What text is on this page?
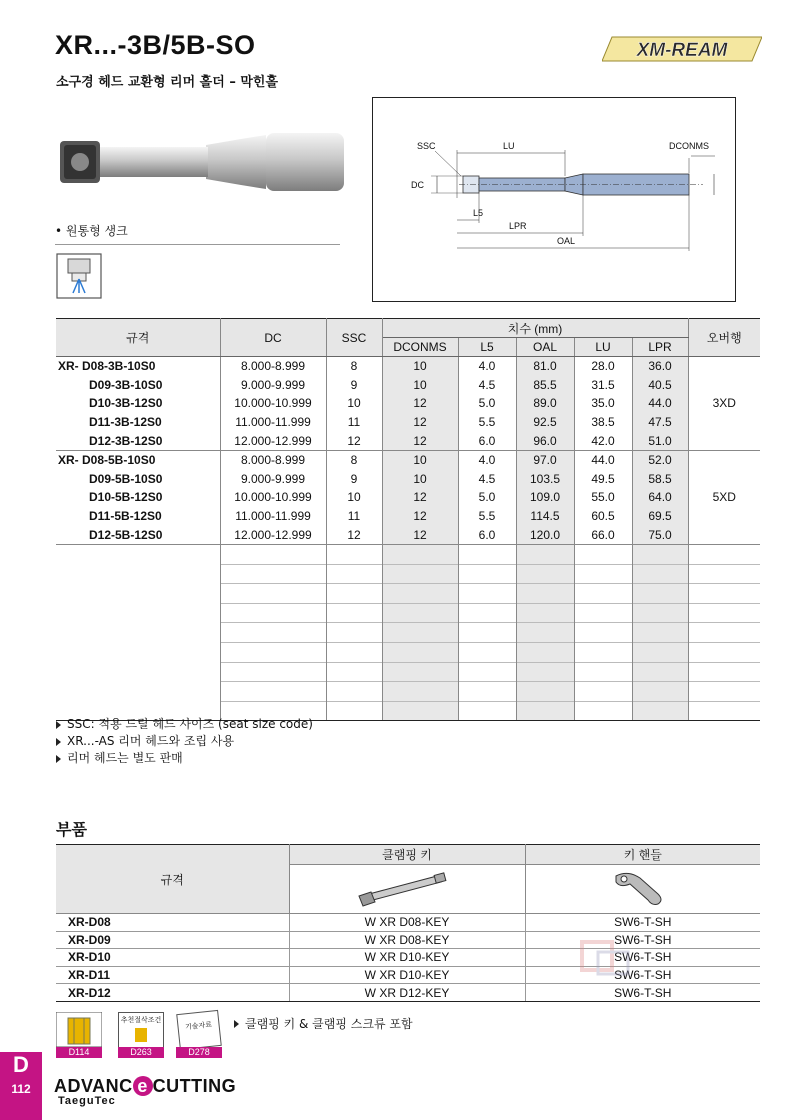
XR...-3B/5B-SO
소구경 헤드 교환형 리머 홀더 – 막힌홀
XM-REAM
• 원통형 생크
LU	DCONMS
SSC
DC
L5
LPR
OAL
규격	DC	SSC	치수 (mm)					오버행
			DCONMS	L5	OAL	LU	LPR	
XR- D08-3B-10S0	8.000-8.999	8	10	4.0	81.0	28.0	36.0	3XD
D09-3B-10S0	9.000-9.999	9	10	4.5	85.5	31.5	40.5	
D10-3B-12S0	10.000-10.999	10	12	5.0	89.0	35.0	44.0	
D11-3B-12S0	11.000-11.999	11	12	5.5	92.5	38.5	47.5	
D12-3B-12S0	12.000-12.999	12	12	6.0	96.0	42.0	51.0	
XR- D08-5B-10S0	8.000-8.999	8	10	4.0	97.0	44.0	52.0	5XD
D09-5B-10S0	9.000-9.999	9	10	4.5	103.5	49.5	58.5	
D10-5B-12S0	10.000-10.999	10	12	5.0	109.0	55.0	64.0	
D11-5B-12S0	11.000-11.999	11	12	5.5	114.5	60.5	69.5	
D12-5B-12S0	12.000-12.999	12	12	6.0	120.0	66.0	75.0	

SSC: 적용 드릴 헤드 사이즈 (seat size code)
XR...-AS 리머 헤드와 조립 사용
리머 헤드는 별도 판매
부품
규격	클램핑 키	키 핸들

XR-D08	W XR D08-KEY	SW6-T-SH
XR-D09	W XR D08-KEY	SW6-T-SH
XR-D10	W XR D10-KEY	SW6-T-SH
XR-D11	W XR D10-KEY	SW6-T-SH
XR-D12	W XR D12-KEY	SW6-T-SH
D114
추천절삭조건
D263
기술자료
D278
클램핑 키 & 클램핑 스크류 포함
D
112	ADVANC e CUTTING
TaeguTec
